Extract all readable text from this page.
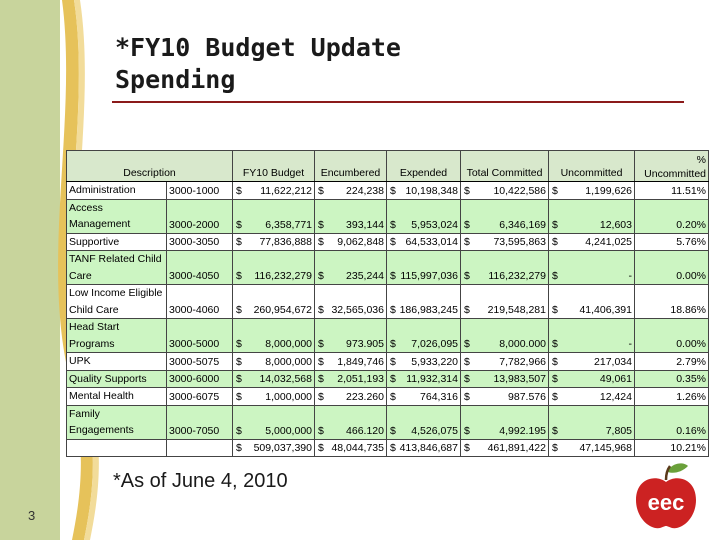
*FY10 Budget Update
Spending
Description		FY10 Budget	Encumbered	Expended	Total Committed	Uncommitted	%
Uncommitted

Administration	3000-1000	$ 11,622,212	$ 224,238	$ 10,198,348	$ 10,422,586	$ 1,199,626	11.51%
Access Management	3000-2000	$ 6,358,771	$ 393,144	$ 5,953,024	$ 6,346,169	$ 12,603	0.20%
Supportive	3000-3050	$ 77,836,888	$ 9,062,848	$ 64,533,014	$ 73,595,863	$ 4,241,025	5.76%
TANF Related Child Care	3000-4050	$ 116,232,279	$ 235,244	$ 115,997,036	$ 116,232,279	$ -	0.00%
Low Income Eligible Child Care	3000-4060	$ 260,954,672	$ 32,565,036	$ 186,983,245	$ 219,548,281	$ 41,406,391	18.86%
Head Start Programs	3000-5000	$ 8,000,000	$ 973.905	$ 7,026,095	$ 8,000.000	$ -	0.00%
UPK	3000-5075	$ 8,000,000	$ 1,849,746	$ 5,933,220	$ 7,782,966	$ 217,034	2.79%
Quality Supports	3000-6000	$ 14,032,568	$ 2,051,193	$ 11,932,314	$ 13,983,507	$ 49,061	0.35%
Mental Health	3000-6075	$ 1,000,000	$ 223.260	$ 764,316	$ 987.576	$ 12,424	1.26%
Family Engagements	3000-7050	$ 5,000,000	$ 466.120	$ 4,526,075	$ 4,992.195	$ 7,805	0.16%

		$ 509,037,390	$ 48,044,735	$ 413,846,687	$ 461,891,422	$ 47,145,968	10.21%
*As of June 4, 2010
3
eec
